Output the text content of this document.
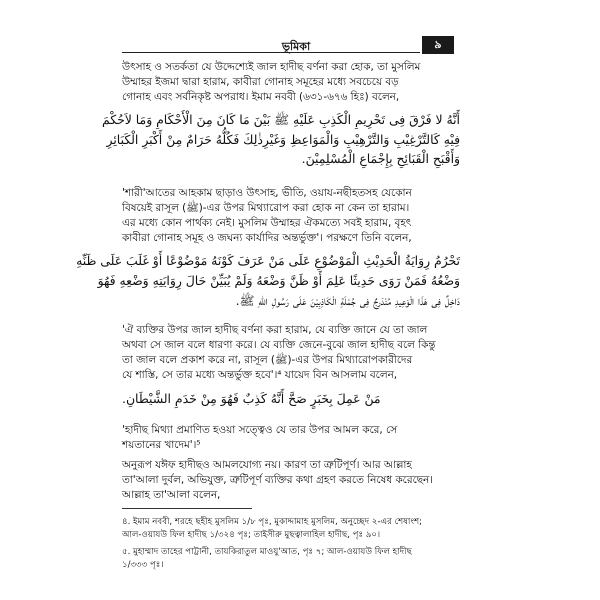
ভূমিকা	৯
উৎসাহ ও সতর্কতা যে উদ্দেশ্যেই জাল হাদীছ বর্ণনা করা হোক, তা মুসলিম
উম্মাহর ইজমা দ্বারা হারাম, কাবীরা গোনাহ সমূহের মধ্যে সবচেয়ে বড়
গোনাহ এবং সর্বনিকৃষ্ট অপরাধ। ইমাম নববী (৬৩১-৬৭৬ হিঃ) বলেন,
أَنَّهُ لا فَرْقَ فِى تَحْرِيمِ الْكَذِبِ عَلَيْهِ ﷺ بَيْنَ مَا كَانَ مِنَ الْأَحْكَامِ وَمَا لاَحُكْمَ
فِيْهِ كَالتَّرْغِيْبِ وَالتَّرْهِيْبِ وَالْمَوَاعِظِ وَغَيْرِذٰلِكَ فَكُلُّهُ حَرَامٌ مِنْ أَكْبَرِ الْكَبَائِرِ
وَأَقْبَحِ الْقَبَائِحِ بِإِجْمَاعِ الْمُسْلِمِيْنَ.
'শারী'আতের আহকাম ছাড়াও উৎসাহ, ভীতি, ওয়ায-নছীহতসহ যেকোন
বিষয়েই রাসূল (ﷺ)-এর উপর মিথ্যারোপ করা হোক না কেন তা হারাম।
এর মধ্যে কোন পার্থক্য নেই। মুসলিম উম্মাহর ঐকমত্যে সবই হারাম, বৃহৎ
কাবীরা গোনাহ সমূহ ও জঘন্য কার্যাদির অন্তর্ভুক্ত'। পরক্ষণে তিনি বলেন,
تَحْرُمُ رِوَايَةُ الْحَدِيْثِ الْمَوْضُوْعِ عَلَى مَنْ عَرَفَ كَوْنَهُ مَوْضُوْعًا أَوْ غَلَبَ عَلَى ظَنِّهِ
وَضْعُهُ فَمَنْ رَوَى حَدِيثًا عَلِمَ أَوْ ظَنَّ وَضْعَهُ وَلَمْ يُبَيِّنْ حَالَ رِوَايَتِهِ وَضْعِهِ فَهُوَ
دَاخِلٌ فِى هَذَا الْوَعِيدِ مُنْدَرِجٌ فِى جُمْلَةِ الْكَاذِبِيْنَ عَلَى رَسُولِ اللهِ ﷺ.
'ঐ ব্যক্তির উপর জাল হাদীছ বর্ণনা করা হারাম, যে ব্যক্তি জানে যে তা জাল
অথবা সে জাল বলে ধারণা করে। যে ব্যক্তি জেনে-বুঝে জাল হাদীছ বলে কিন্তু
তা জাল বলে প্রকাশ করে না, রাসূল (ﷺ)-এর উপর মিথ্যারোপকারীদের
যে শাস্তি, সে তার মধ্যে অন্তর্ভুক্ত হবে'।⁴ যায়েদ বিন আসলাম বলেন,
مَنْ عَمِلَ بِخَبَرٍ صَحَّ أَنَّهُ كَذِبٌ فَهُوَ مِنْ خَدَمِ الشَّيْطَانِ.
'হাদীছ মিথ্যা প্রমাণিত হওয়া সত্ত্বেও যে তার উপর আমল করে, সে
শয়তানের খাদেম'।⁵
অনুরূপ যঈফ হাদীছও আমলযোগ্য নয়। কারণ তা ত্রুটিপূর্ণ। আর আল্লাহ
তা'আলা দুর্বল, অভিযুক্ত, ত্রুটিপূর্ণ ব্যক্তির কথা গ্রহণ করতে নিষেধ করেছেন।
আল্লাহ তা'আলা বলেন,
৪. ইমাম নববী, শরহে ছহীহ মুসলিম ১/৮ পৃঃ, মুকাদ্দামাহ মুসলিম, অনুচ্ছেদ ২-এর শেষাংশ;
আল-ওয়াযউ ফিল হাদীছ ১/৩২৪ পৃঃ; তাইসীরু মুছত্বালাহিল হাদীছ, পৃঃ ৯০।
৫. মুহাম্মাদ তাহের পাট্টানী, তাযকিরাতুল মাওযু'আত, পৃঃ ৭; আল-ওয়াযউ ফিল হাদীছ
১/৩৩৩ পৃঃ।
